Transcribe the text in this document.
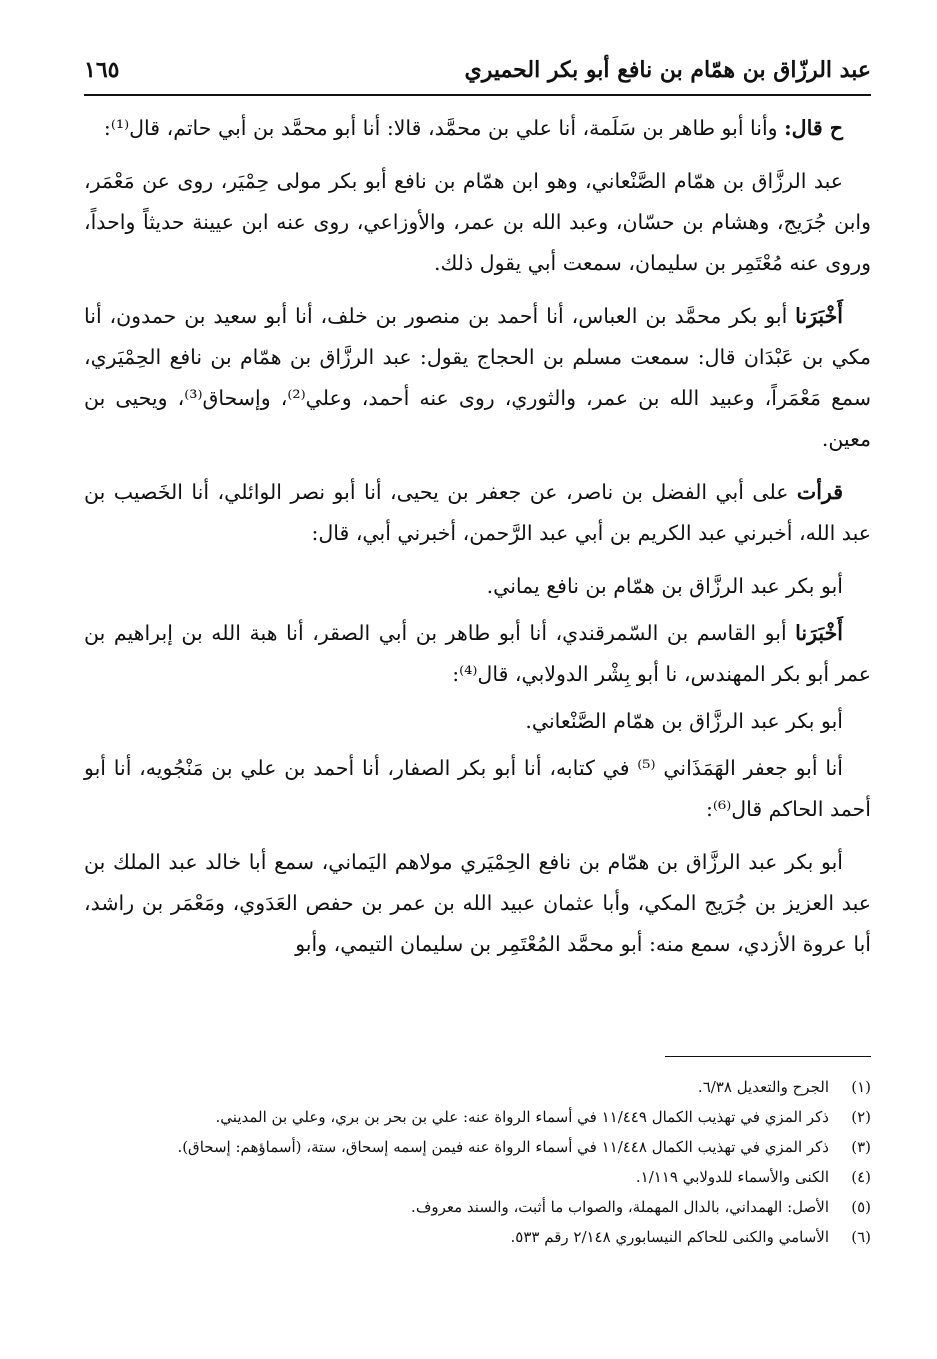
عبد الرزّاق بن همّام بن نافع أبو بكر الحميري
١٦٥

ح قال: وأنا أبو طاهر بن سَلَمة، أنا علي بن محمَّد، قالا: أنا أبو محمَّد بن أبي حاتم، قال⁽¹⁾:

عبد الرزَّاق بن همّام الصَّنْعاني، وهو ابن همّام بن نافع أبو بكر مولى حِمْيَر، روى عن مَعْمَر، وابن جُرَيج، وهشام بن حسّان، وعبد الله بن عمر، والأوزاعي، روى عنه ابن عيينة حديثاً واحداً، وروى عنه مُعْتَمِر بن سليمان، سمعت أبي يقول ذلك.

أَخْبَرَنا أبو بكر محمَّد بن العباس، أنا أحمد بن منصور بن خلف، أنا أبو سعيد بن حمدون، أنا مكي بن عَبْدَان قال: سمعت مسلم بن الحجاج يقول: عبد الرزَّاق بن همّام بن نافع الحِمْيَري، سمع مَعْمَراً، وعبيد الله بن عمر، والثوري، روى عنه أحمد، وعلي⁽²⁾، وإسحاق⁽³⁾، ويحيى بن معين.

قرأت على أبي الفضل بن ناصر، عن جعفر بن يحيى، أنا أبو نصر الوائلي، أنا الخَصيب بن عبد الله، أخبرني عبد الكريم بن أبي عبد الرَّحمن، أخبرني أبي، قال:

أبو بكر عبد الرزَّاق بن همّام بن نافع يماني.

أَخْبَرَنا أبو القاسم بن السّمرقندي، أنا أبو طاهر بن أبي الصقر، أنا هبة الله بن إبراهيم بن عمر أبو بكر المهندس، نا أبو بِشْر الدولابي، قال⁽⁴⁾:

أبو بكر عبد الرزَّاق بن همّام الصَّنْعاني.

أنا أبو جعفر الهَمَذَاني ⁽⁵⁾ في كتابه، أنا أبو بكر الصفار، أنا أحمد بن علي بن مَنْجُويه، أنا أبو أحمد الحاكم قال⁽⁶⁾:

أبو بكر عبد الرزَّاق بن همّام بن نافع الحِمْيَري مولاهم اليَماني، سمع أبا خالد عبد الملك بن عبد العزيز بن جُرَيج المكي، وأبا عثمان عبيد الله بن عمر بن حفص العَدَوي، ومَعْمَر بن راشد، أبا عروة الأزدي، سمع منه: أبو محمَّد المُعْتَمِر بن سليمان التيمي، وأبو

(١)
الجرح والتعديل ٦/٣٨.
(٢)
ذكر المزي في تهذيب الكمال ١١/٤٤٩ في أسماء الرواة عنه: علي بن بحر بن بري، وعلي بن المديني.
(٣)
ذكر المزي في تهذيب الكمال ١١/٤٤٨ في أسماء الرواة عنه فيمن إسمه إسحاق، ستة، (أسماؤهم: إسحاق).
(٤)
الكنى والأسماء للدولابي ١/١١٩.
(٥)
الأصل: الهمداني، بالدال المهملة، والصواب ما أثبت، والسند معروف.
(٦)
الأسامي والكنى للحاكم النيسابوري ٢/١٤٨ رقم ٥٣٣.
